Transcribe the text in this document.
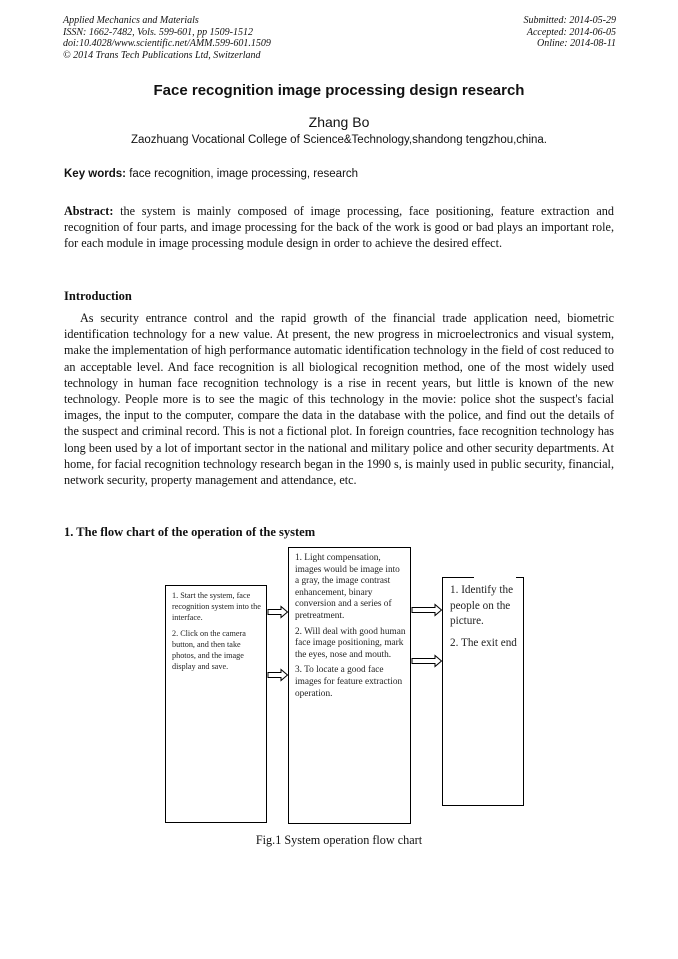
Applied Mechanics and Materials
ISSN: 1662-7482, Vols. 599-601, pp 1509-1512
doi:10.4028/www.scientific.net/AMM.599-601.1509
© 2014 Trans Tech Publications Ltd, Switzerland
Submitted: 2014-05-29
Accepted: 2014-06-05
Online: 2014-08-11
Face recognition image processing design research
Zhang Bo
Zaozhuang Vocational College of Science&Technology,shandong tengzhou,china.
Key words: face recognition, image processing, research
Abstract: the system is mainly composed of image processing, face positioning, feature extraction and recognition of four parts, and image processing for the back of the work is good or bad plays an important role, for each module in image processing module design in order to achieve the desired effect.
Introduction
As security entrance control and the rapid growth of the financial trade application need, biometric identification technology for a new value. At present, the new progress in microelectronics and visual system, make the implementation of high performance automatic identification technology in the field of cost reduced to an acceptable level. And face recognition is all biological recognition method, one of the most widely used technology in human face recognition technology is a rise in recent years, but little is known of the new technology. People more is to see the magic of this technology in the movie: police shot the suspect's facial images, the input to the computer, compare the data in the database with the police, and find out the details of the suspect and criminal record. This is not a fictional plot. In foreign countries, face recognition technology has long been used by a lot of important sector in the national and military police and other security departments. At home, for facial recognition technology research began in the 1990 s, is mainly used in public security, financial, network security, property management and attendance, etc.
1. The flow chart of the operation of the system

1. Start the system, face recognition system into the interface.

2. Click on the camera button, and then take photos, and the image display and save.

1. Light compensation, images would be image into a gray, the image contrast enhancement, binary conversion and a series of pretreatment.

2. Will deal with good human face image positioning, mark the eyes, nose and mouth.

3. To locate a good face images for feature extraction operation.

1. Identify the people on the picture.

2. The exit end

Fig.1 System operation flow chart
